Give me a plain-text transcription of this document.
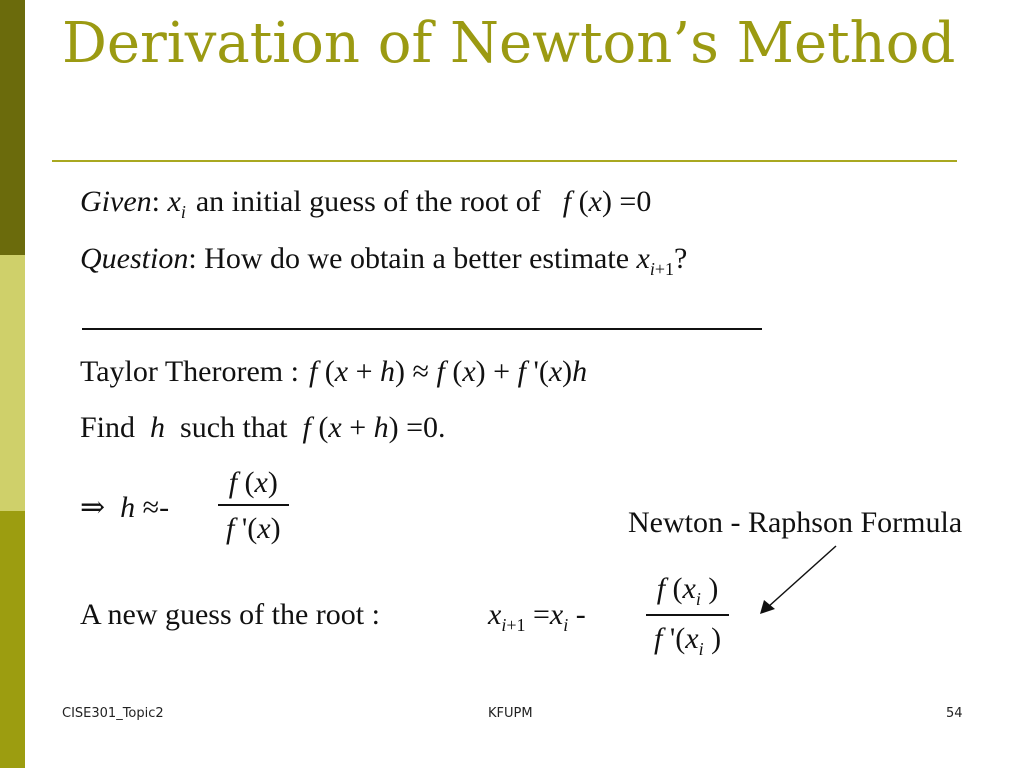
Derivation of Newton’s Method
Given: $x_i$ an initial guess of the root of f (x) =0
Question: How do we obtain a better estimate $x_{i+1}$?
Taylor Therorem : f (x + h) ≈ f (x) + f '(x)h
Find h such that f (x + h) =0.
⇒ $h \approx- \frac{f (x)}{f '(x)}$	Newton - Raphson Formula
A new guess of the root :	$x_{i+1} =x_i - \frac{f (x_i )}{f '(x_i )}$
CISE301_Topic2	KFUPM	54
